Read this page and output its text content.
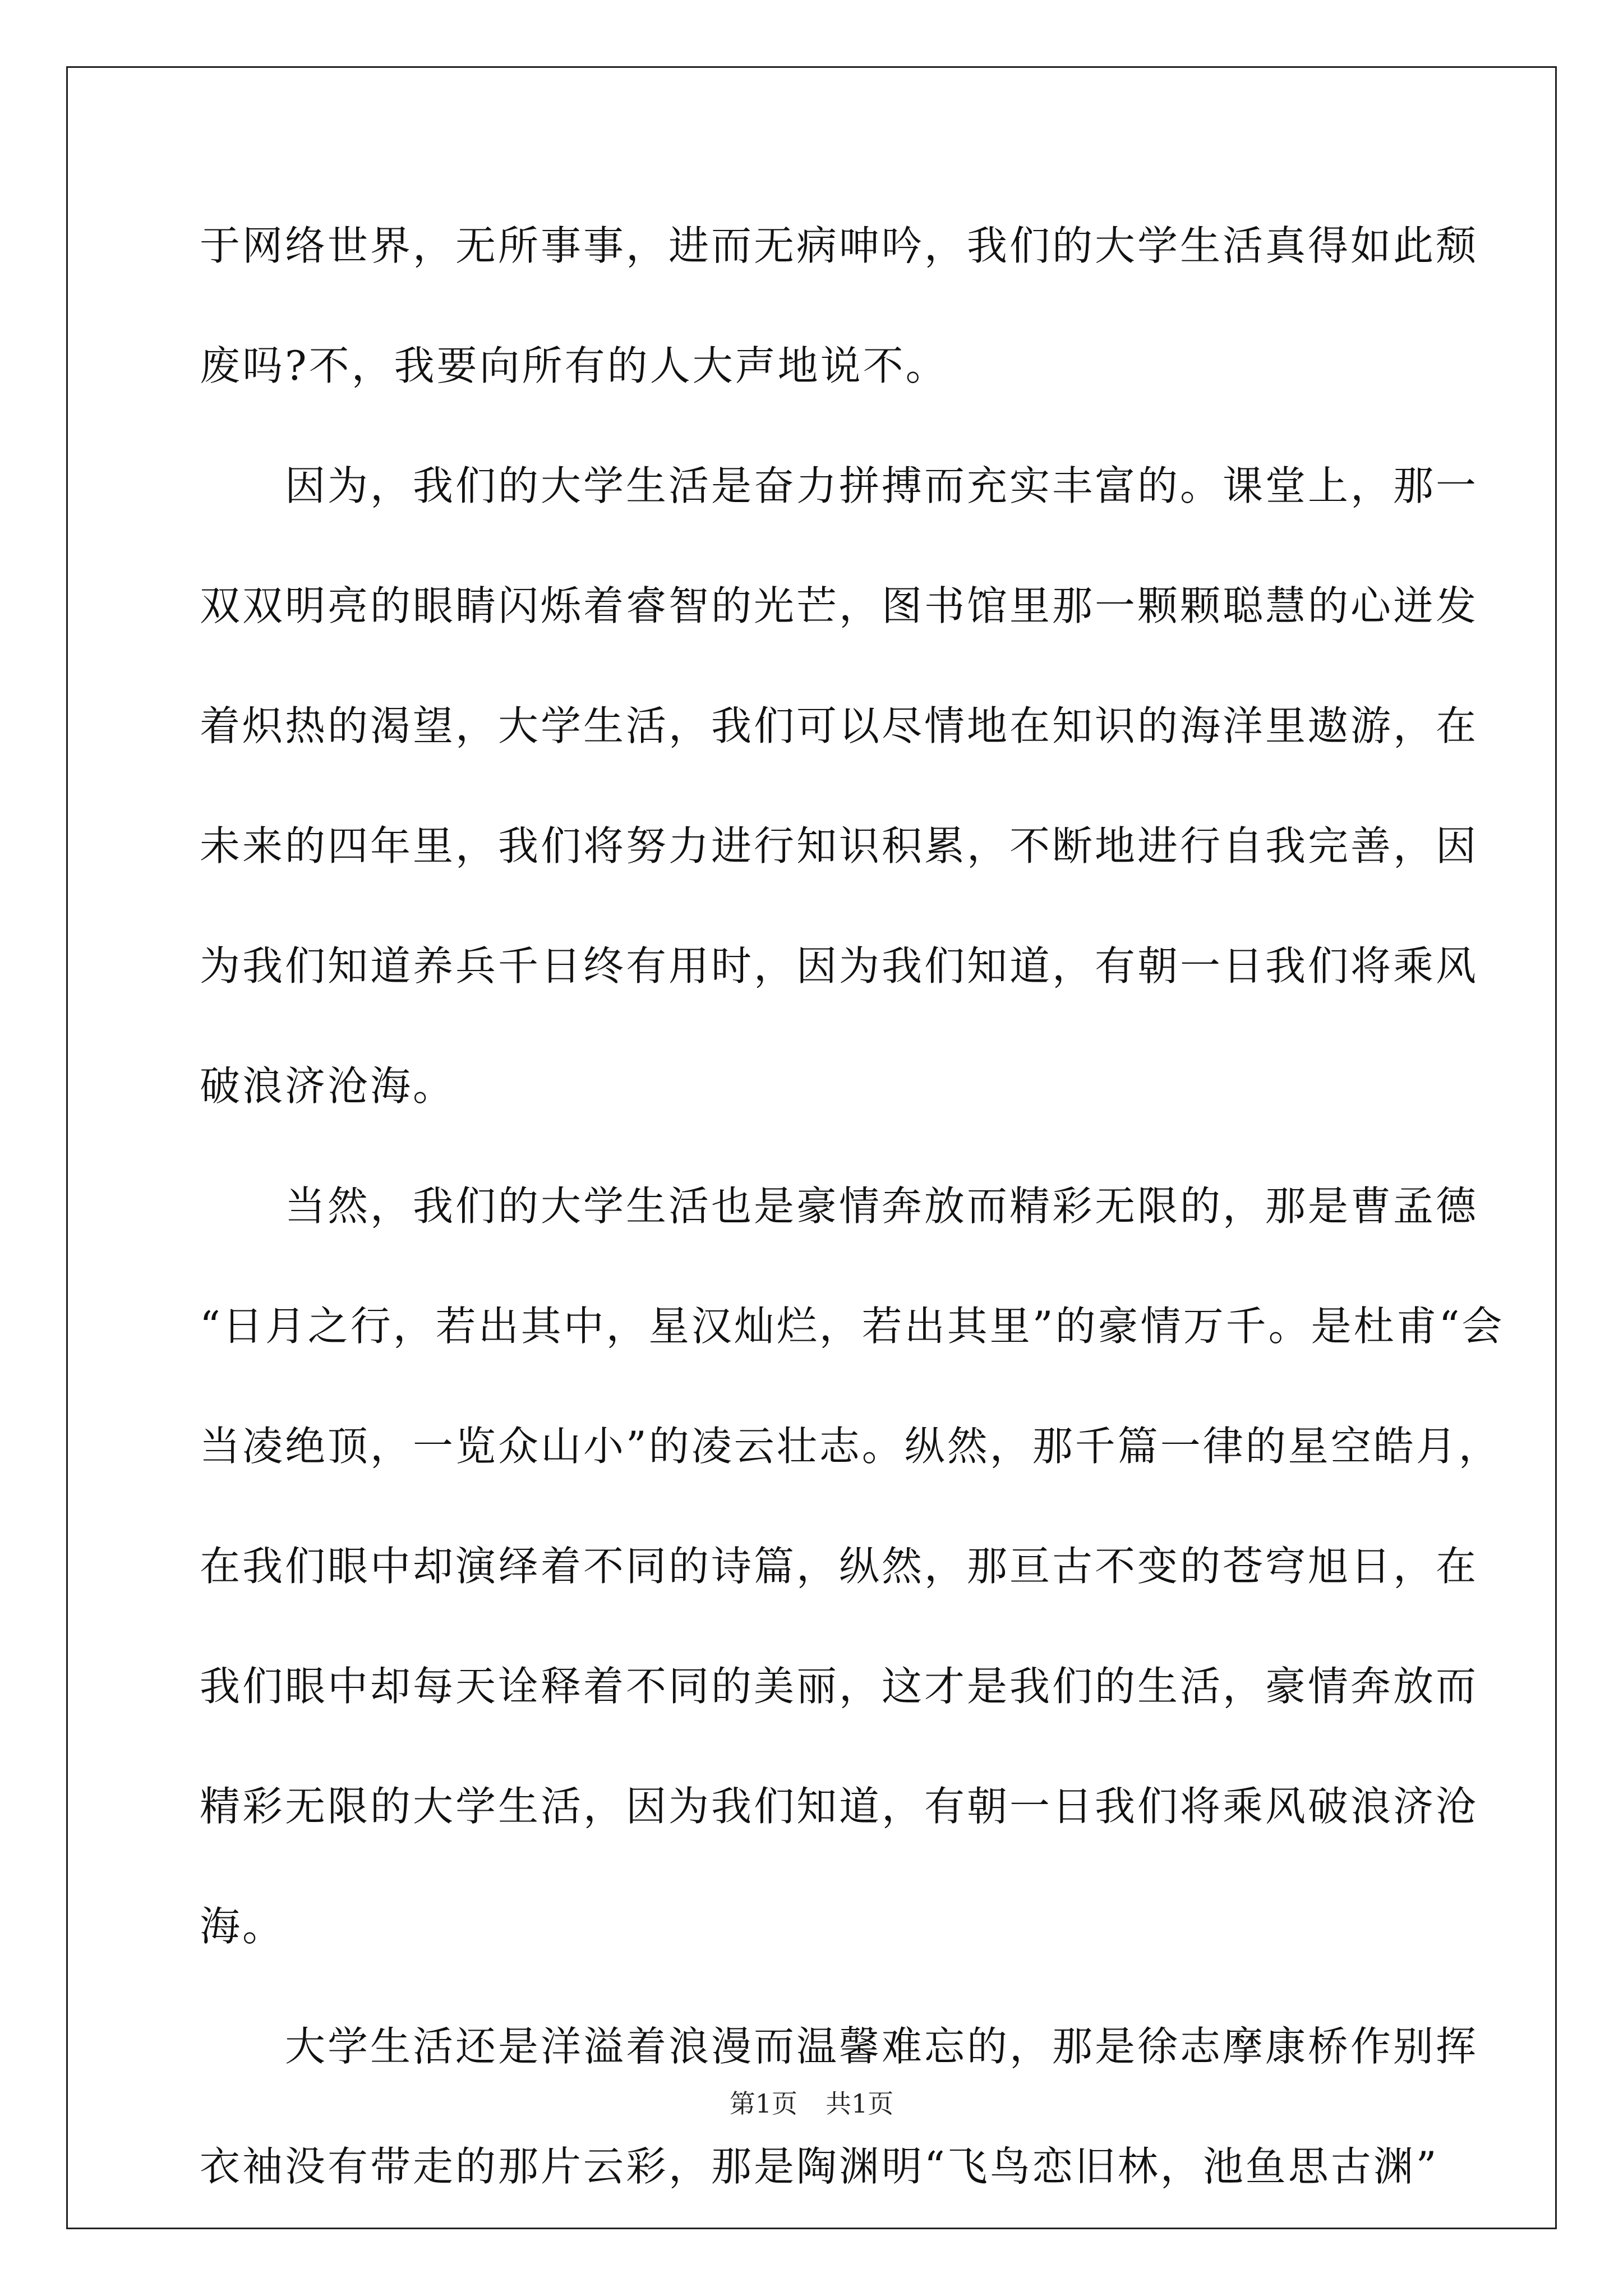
于网络世界，无所事事，进而无病呻吟，我们的大学生活真得如此颓
废吗?不，我要向所有的人大声地说不。
因为，我们的大学生活是奋力拼搏而充实丰富的。课堂上，那一
双双明亮的眼睛闪烁着睿智的光芒，图书馆里那一颗颗聪慧的心迸发
着炽热的渴望，大学生活，我们可以尽情地在知识的海洋里遨游，在
未来的四年里，我们将努力进行知识积累，不断地进行自我完善，因
为我们知道养兵千日终有用时，因为我们知道，有朝一日我们将乘风
破浪济沧海。
当然，我们的大学生活也是豪情奔放而精彩无限的，那是曹孟德
“日月之行，若出其中，星汉灿烂，若出其里”的豪情万千。是杜甫“会
当凌绝顶，一览众山小”的凌云壮志。纵然，那千篇一律的星空皓月，
在我们眼中却演绎着不同的诗篇，纵然，那亘古不变的苍穹旭日，在
我们眼中却每天诠释着不同的美丽，这才是我们的生活，豪情奔放而
精彩无限的大学生活，因为我们知道，有朝一日我们将乘风破浪济沧
海。
大学生活还是洋溢着浪漫而温馨难忘的，那是徐志摩康桥作别挥
衣袖没有带走的那片云彩，那是陶渊明“飞鸟恋旧林，池鱼思古渊”
第1页 共1页
